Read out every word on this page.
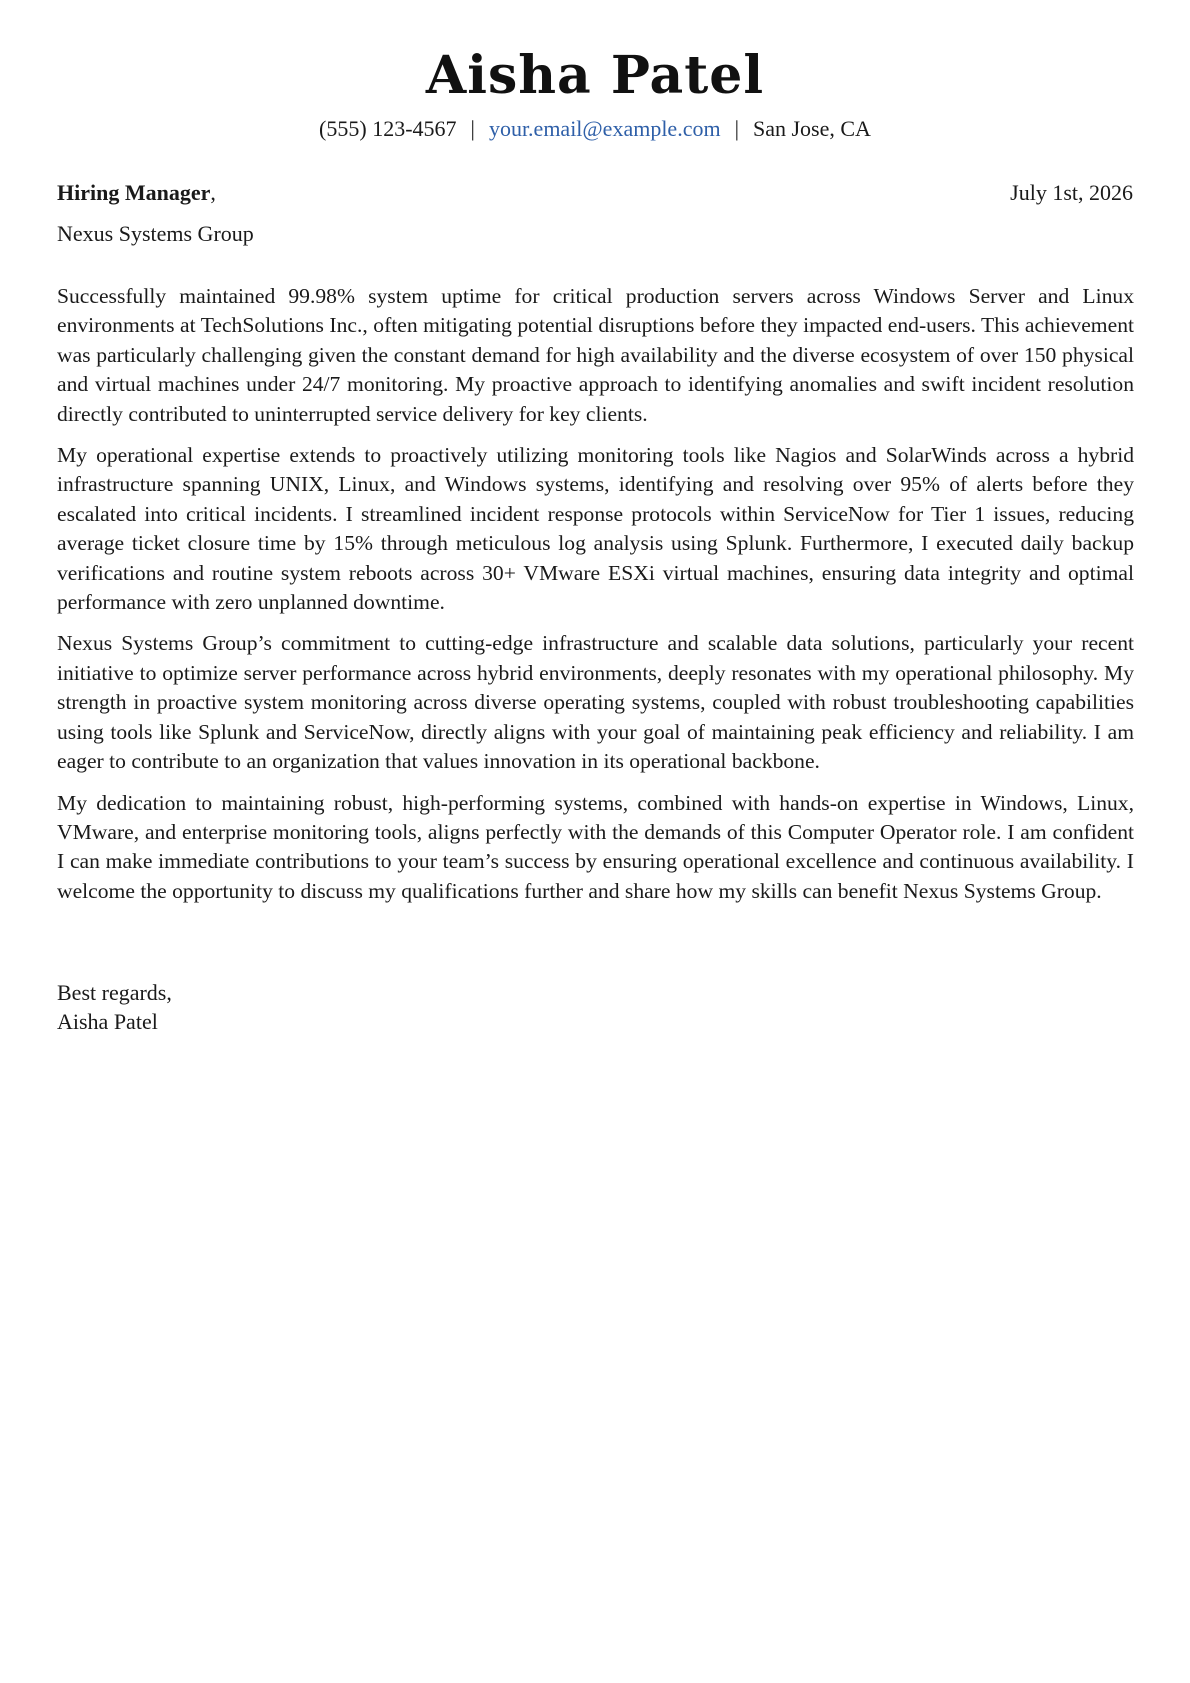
Aisha Patel
(555) 123-4567 | your.email@example.com | San Jose, CA
Hiring Manager,	July 1st, 2026
Nexus Systems Group

Successfully maintained 99.98% system uptime for critical production servers across Windows Server and Linux environments at TechSolutions Inc., often mitigating potential disruptions before they impacted end-users. This achievement was particularly challenging given the constant demand for high availability and the diverse ecosystem of over 150 physical and virtual machines under 24/7 monitoring. My proactive approach to identifying anomalies and swift incident resolution directly contributed to uninterrupted service delivery for key clients.

My operational expertise extends to proactively utilizing monitoring tools like Nagios and SolarWinds across a hybrid infrastructure spanning UNIX, Linux, and Windows systems, identifying and resolving over 95% of alerts before they escalated into critical incidents. I streamlined incident response protocols within ServiceNow for Tier 1 issues, reducing average ticket closure time by 15% through meticulous log analysis using Splunk. Furthermore, I executed daily backup verifications and routine system reboots across 30+ VMware ESXi virtual machines, ensuring data integrity and optimal performance with zero unplanned downtime.

Nexus Systems Group’s commitment to cutting-edge infrastructure and scalable data solutions, particularly your recent initiative to optimize server performance across hybrid environments, deeply resonates with my operational philosophy. My strength in proactive system monitoring across diverse operating systems, coupled with robust troubleshooting capabilities using tools like Splunk and ServiceNow, directly aligns with your goal of maintaining peak efficiency and reliability. I am eager to contribute to an organization that values innovation in its operational backbone.

My dedication to maintaining robust, high-performing systems, combined with hands-on expertise in Windows, Linux, VMware, and enterprise monitoring tools, aligns perfectly with the demands of this Computer Operator role. I am confident I can make immediate contributions to your team’s success by ensuring operational excellence and continuous availability. I welcome the opportunity to discuss my qualifications further and share how my skills can benefit Nexus Systems Group.

Best regards,
Aisha Patel
